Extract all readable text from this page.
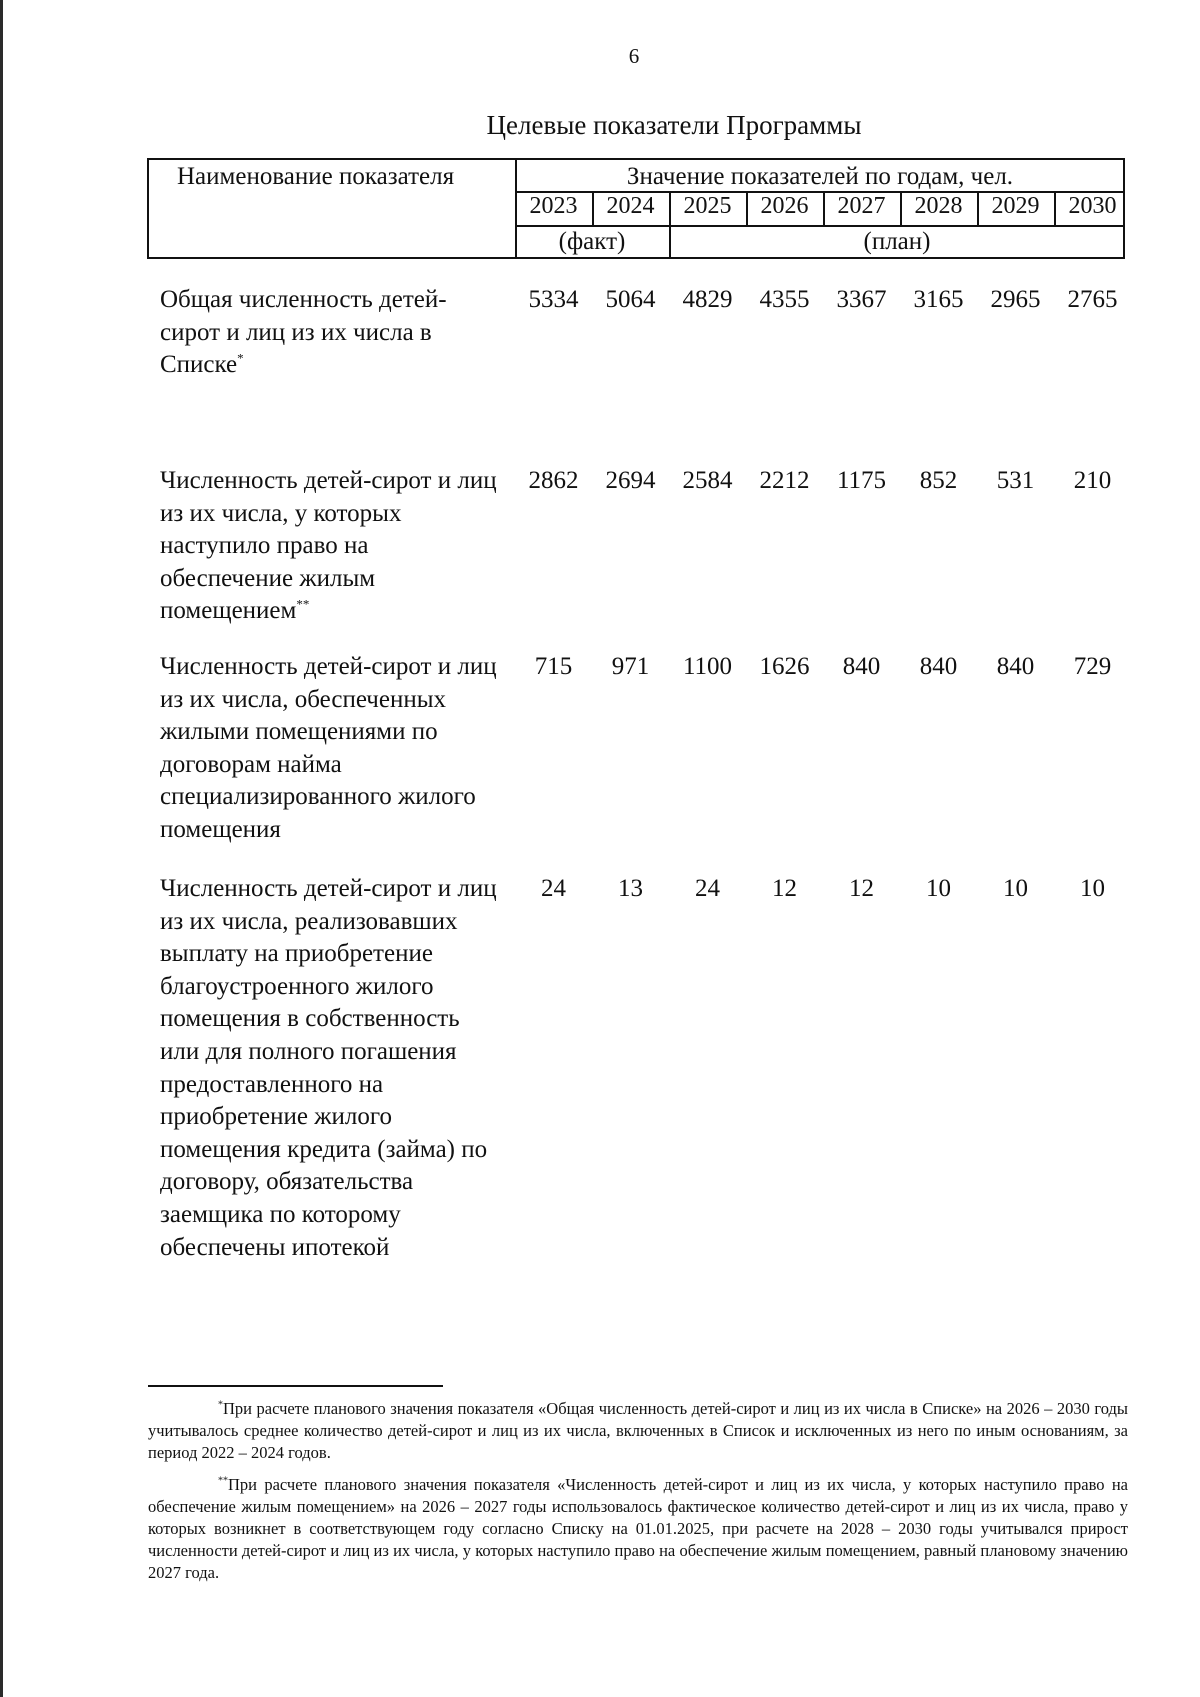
6
Целевые показатели Программы
Наименование показателя	Значение показателей по годам, чел.
2023	2024	2025	2026	2027	2028	2029	2030
(факт)	(план)
Общая численность детей-сирот и лиц из их числа в Списке*
5334	5064	4829	4355	3367	3165	2965	2765
Численность детей-сирот и лиц из их числа, у которых наступило право на обеспечение жилым помещением**
2862	2694	2584	2212	1175	852	531	210
Численность детей-сирот и лиц из их числа, обеспеченных жилыми помещениями по договорам найма специализированного жилого помещения
715	971	1100	1626	840	840	840	729
Численность детей-сирот и лиц из их числа, реализовавших выплату на приобретение благоустроенного жилого помещения в собственность или для полного погашения предоставленного на приобретение жилого помещения кредита (займа) по договору, обязательства заемщика по которому обеспечены ипотекой
24	13	24	12	12	10	10	10
*При расчете планового значения показателя «Общая численность детей-сирот и лиц из их числа в Списке» на 2026 – 2030 годы учитывалось среднее количество детей-сирот и лиц из их числа, включенных в Список и исключенных из него по иным основаниям, за период 2022 – 2024 годов.
**При расчете планового значения показателя «Численность детей-сирот и лиц из их числа, у которых наступило право на обеспечение жилым помещением» на 2026 – 2027 годы использовалось фактическое количество детей-сирот и лиц из их числа, право у которых возникнет в соответствующем году согласно Списку на 01.01.2025, при расчете на 2028 – 2030 годы учитывался прирост численности детей-сирот и лиц из их числа, у которых наступило право на обеспечение жилым помещением, равный плановому значению 2027 года.
